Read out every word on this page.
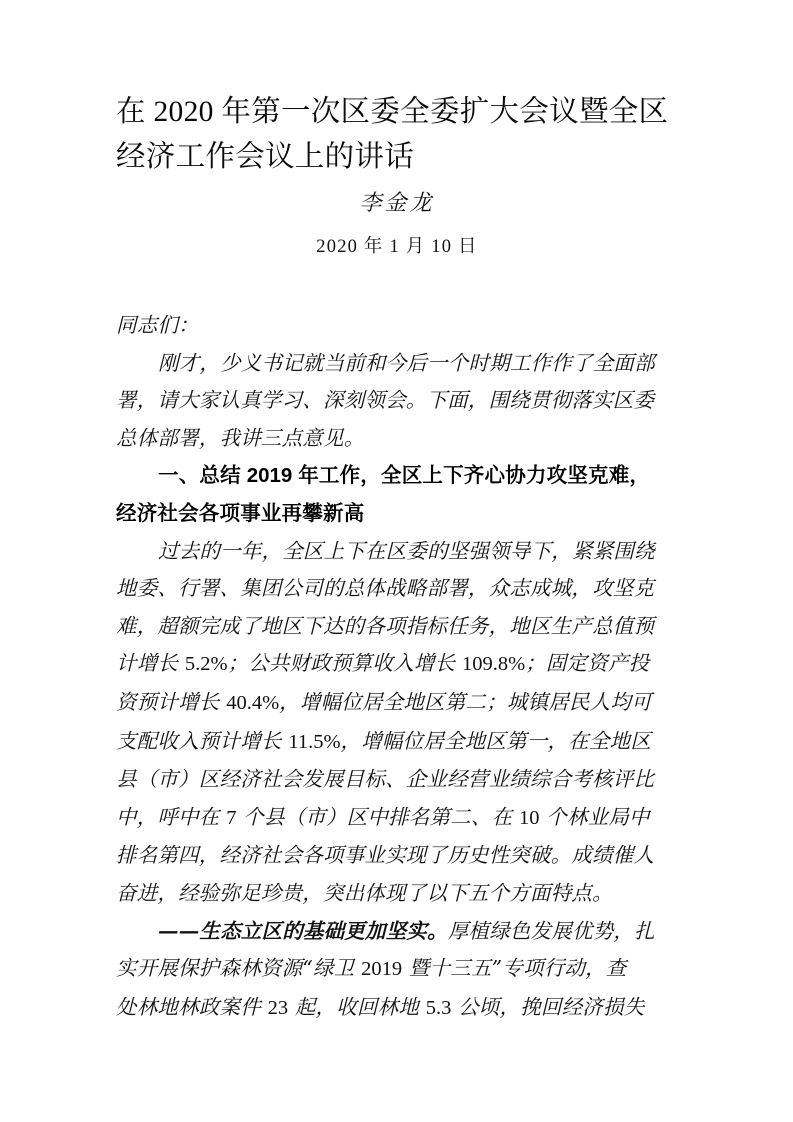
在 2020 年第一次区委全委扩大会议暨全区
经济工作会议上的讲话

李金龙

2020 年 1 月 10 日

同志们：

刚才，少义书记就当前和今后一个时期工作作了全面部
署，请大家认真学习、深刻领会。下面，围绕贯彻落实区委
总体部署，我讲三点意见。

一、总结 2019 年工作，全区上下齐心协力攻坚克难，
经济社会各项事业再攀新高

过去的一年，全区上下在区委的坚强领导下，紧紧围绕
地委、行署、集团公司的总体战略部署，众志成城，攻坚克
难，超额完成了地区下达的各项指标任务，地区生产总值预
计增长 5.2%；公共财政预算收入增长 109.8%；固定资产投
资预计增长 40.4%，增幅位居全地区第二；城镇居民人均可
支配收入预计增长 11.5%，增幅位居全地区第一，在全地区
县（市）区经济社会发展目标、企业经营业绩综合考核评比
中，呼中在 7 个县（市）区中排名第二、在 10 个林业局中
排名第四，经济社会各项事业实现了历史性突破。成绩催人
奋进，经验弥足珍贵，突出体现了以下五个方面特点。

——生态立区的基础更加坚实。厚植绿色发展优势，扎
实开展保护森林资源“绿卫 2019 暨十三五”专项行动，查
处林地林政案件 23 起，收回林地 5.3 公顷，挽回经济损失
